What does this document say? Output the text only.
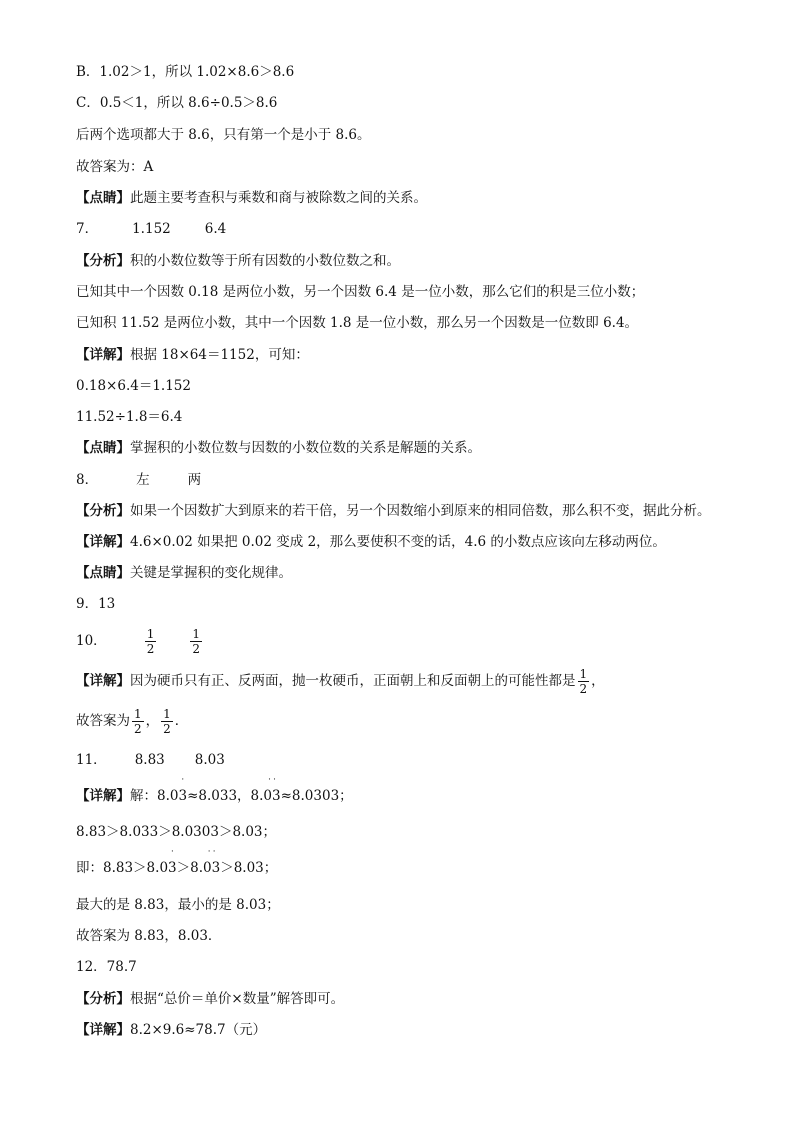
B．1.02＞1，所以 1.02×8.6＞8.6
C．0.5＜1，所以 8.6÷0.5＞8.6
后两个选项都大于 8.6，只有第一个是小于 8.6。
故答案为：A
【点睛】此题主要考查积与乘数和商与被除数之间的关系。
7．	1.152	6.4
【分析】积的小数位数等于所有因数的小数位数之和。
已知其中一个因数 0.18 是两位小数，另一个因数 6.4 是一位小数，那么它们的积是三位小数；
已知积 11.52 是两位小数，其中一个因数 1.8 是一位小数，那么另一个因数是一位数即 6.4。
【详解】根据 18×64＝1152，可知：
0.18×6.4＝1.152
11.52÷1.8＝6.4
【点睛】掌握积的小数位数与因数的小数位数的关系是解题的关系。
8．	左	两
【分析】如果一个因数扩大到原来的若干倍，另一个因数缩小到原来的相同倍数，那么积不变，据此分析。
【详解】4.6×0.02 如果把 0.02 变成 2，那么要使积不变的话，4.6 的小数点应该向左移动两位。
【点睛】关键是掌握积的变化规律。
9．13
10．	$\frac{1}{2}$	$\frac{1}{2}$
【详解】因为硬币只有正、反两面，抛一枚硬币，正面朝上和反面朝上的可能性都是 $\frac{1}{2}$ ，
故答案为 $\frac{1}{2}$ ， $\frac{1}{2}$ ．
11． 8.83 8.03
【详解】解：8.0
˙
3≈8.033，8.
˙˙
03≈8.0303；
8.83＞8.033＞8.0303＞8.03；
即：8.83＞8.0
˙
3＞8.
˙˙
03＞8.03；
最大的是 8.83，最小的是 8.03；
故答案为 8.83，8.03．
12．78.7
【分析】根据“总价＝单价×数量”解答即可。
【详解】8.2×9.6≈78.7（元）
